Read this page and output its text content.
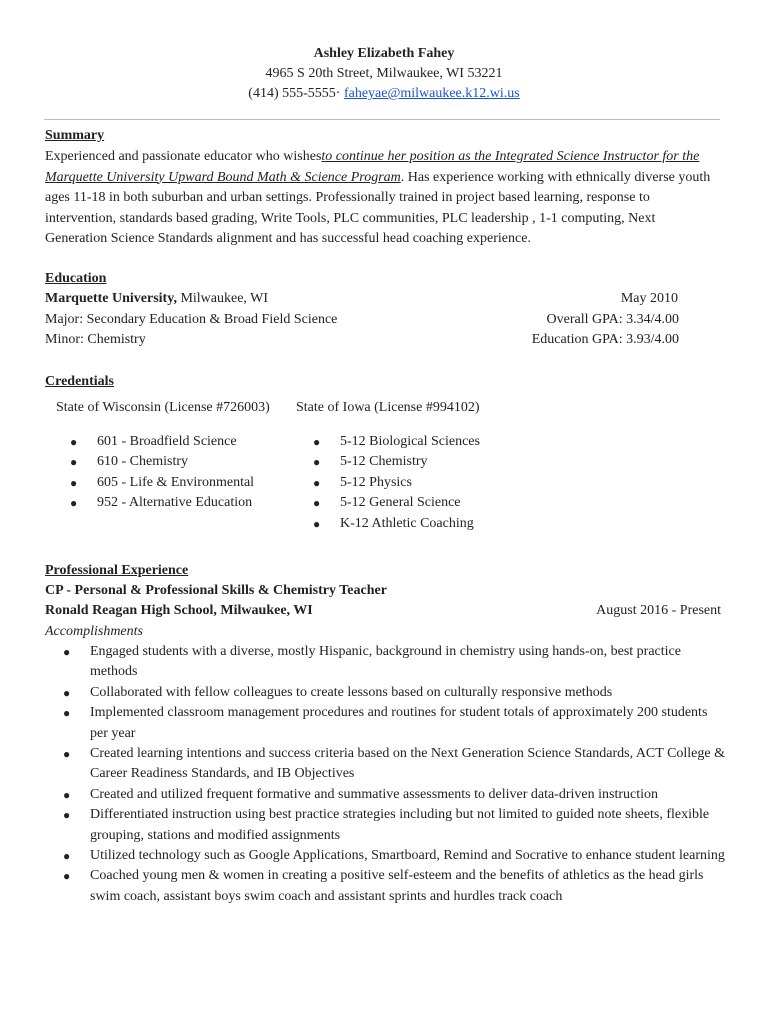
Ashley Elizabeth Fahey
4965 S 20th Street, Milwaukee, WI 53221
(414) 555-5555· faheyae@milwaukee.k12.wi.us
Summary
Experienced and passionate educator who wishesto continue her position as the Integrated Science Instructor for the Marquette University Upward Bound Math & Science Program. Has experience working with ethnically diverse youth ages 11-18 in both suburban and urban settings. Professionally trained in project based learning, response to intervention, standards based grading, Write Tools, PLC communities, PLC leadership , 1-1 computing, Next Generation Science Standards alignment and has successful head coaching experience.
Education
Marquette University, Milwaukee, WI	May 2010
Major: Secondary Education & Broad Field Science	Overall GPA: 3.34/4.00
Minor: Chemistry	Education GPA: 3.93/4.00
Credentials
State of Wisconsin (License #726003) State of Iowa (License #994102)
● 601 - Broadfield Science
● 610 - Chemistry
● 605 - Life & Environmental
● 952 - Alternative Education
● 5-12 Biological Sciences
● 5-12 Chemistry
● 5-12 Physics
● 5-12 General Science
● K-12 Athletic Coaching
Professional Experience
CP - Personal & Professional Skills & Chemistry Teacher
Ronald Reagan High School, Milwaukee, WI	August 2016 - Present
Accomplishments
● Engaged students with a diverse, mostly Hispanic, background in chemistry using hands-on, best practice methods
● Collaborated with fellow colleagues to create lessons based on culturally responsive methods
● Implemented classroom management procedures and routines for student totals of approximately 200 students per year
● Created learning intentions and success criteria based on the Next Generation Science Standards, ACT College & Career Readiness Standards, and IB Objectives
● Created and utilized frequent formative and summative assessments to deliver data-driven instruction
● Differentiated instruction using best practice strategies including but not limited to guided note sheets, flexible grouping, stations and modified assignments
● Utilized technology such as Google Applications, Smartboard, Remind and Socrative to enhance student learning
● Coached young men & women in creating a positive self-esteem and the benefits of athletics as the head girls swim coach, assistant boys swim coach and assistant sprints and hurdles track coach
